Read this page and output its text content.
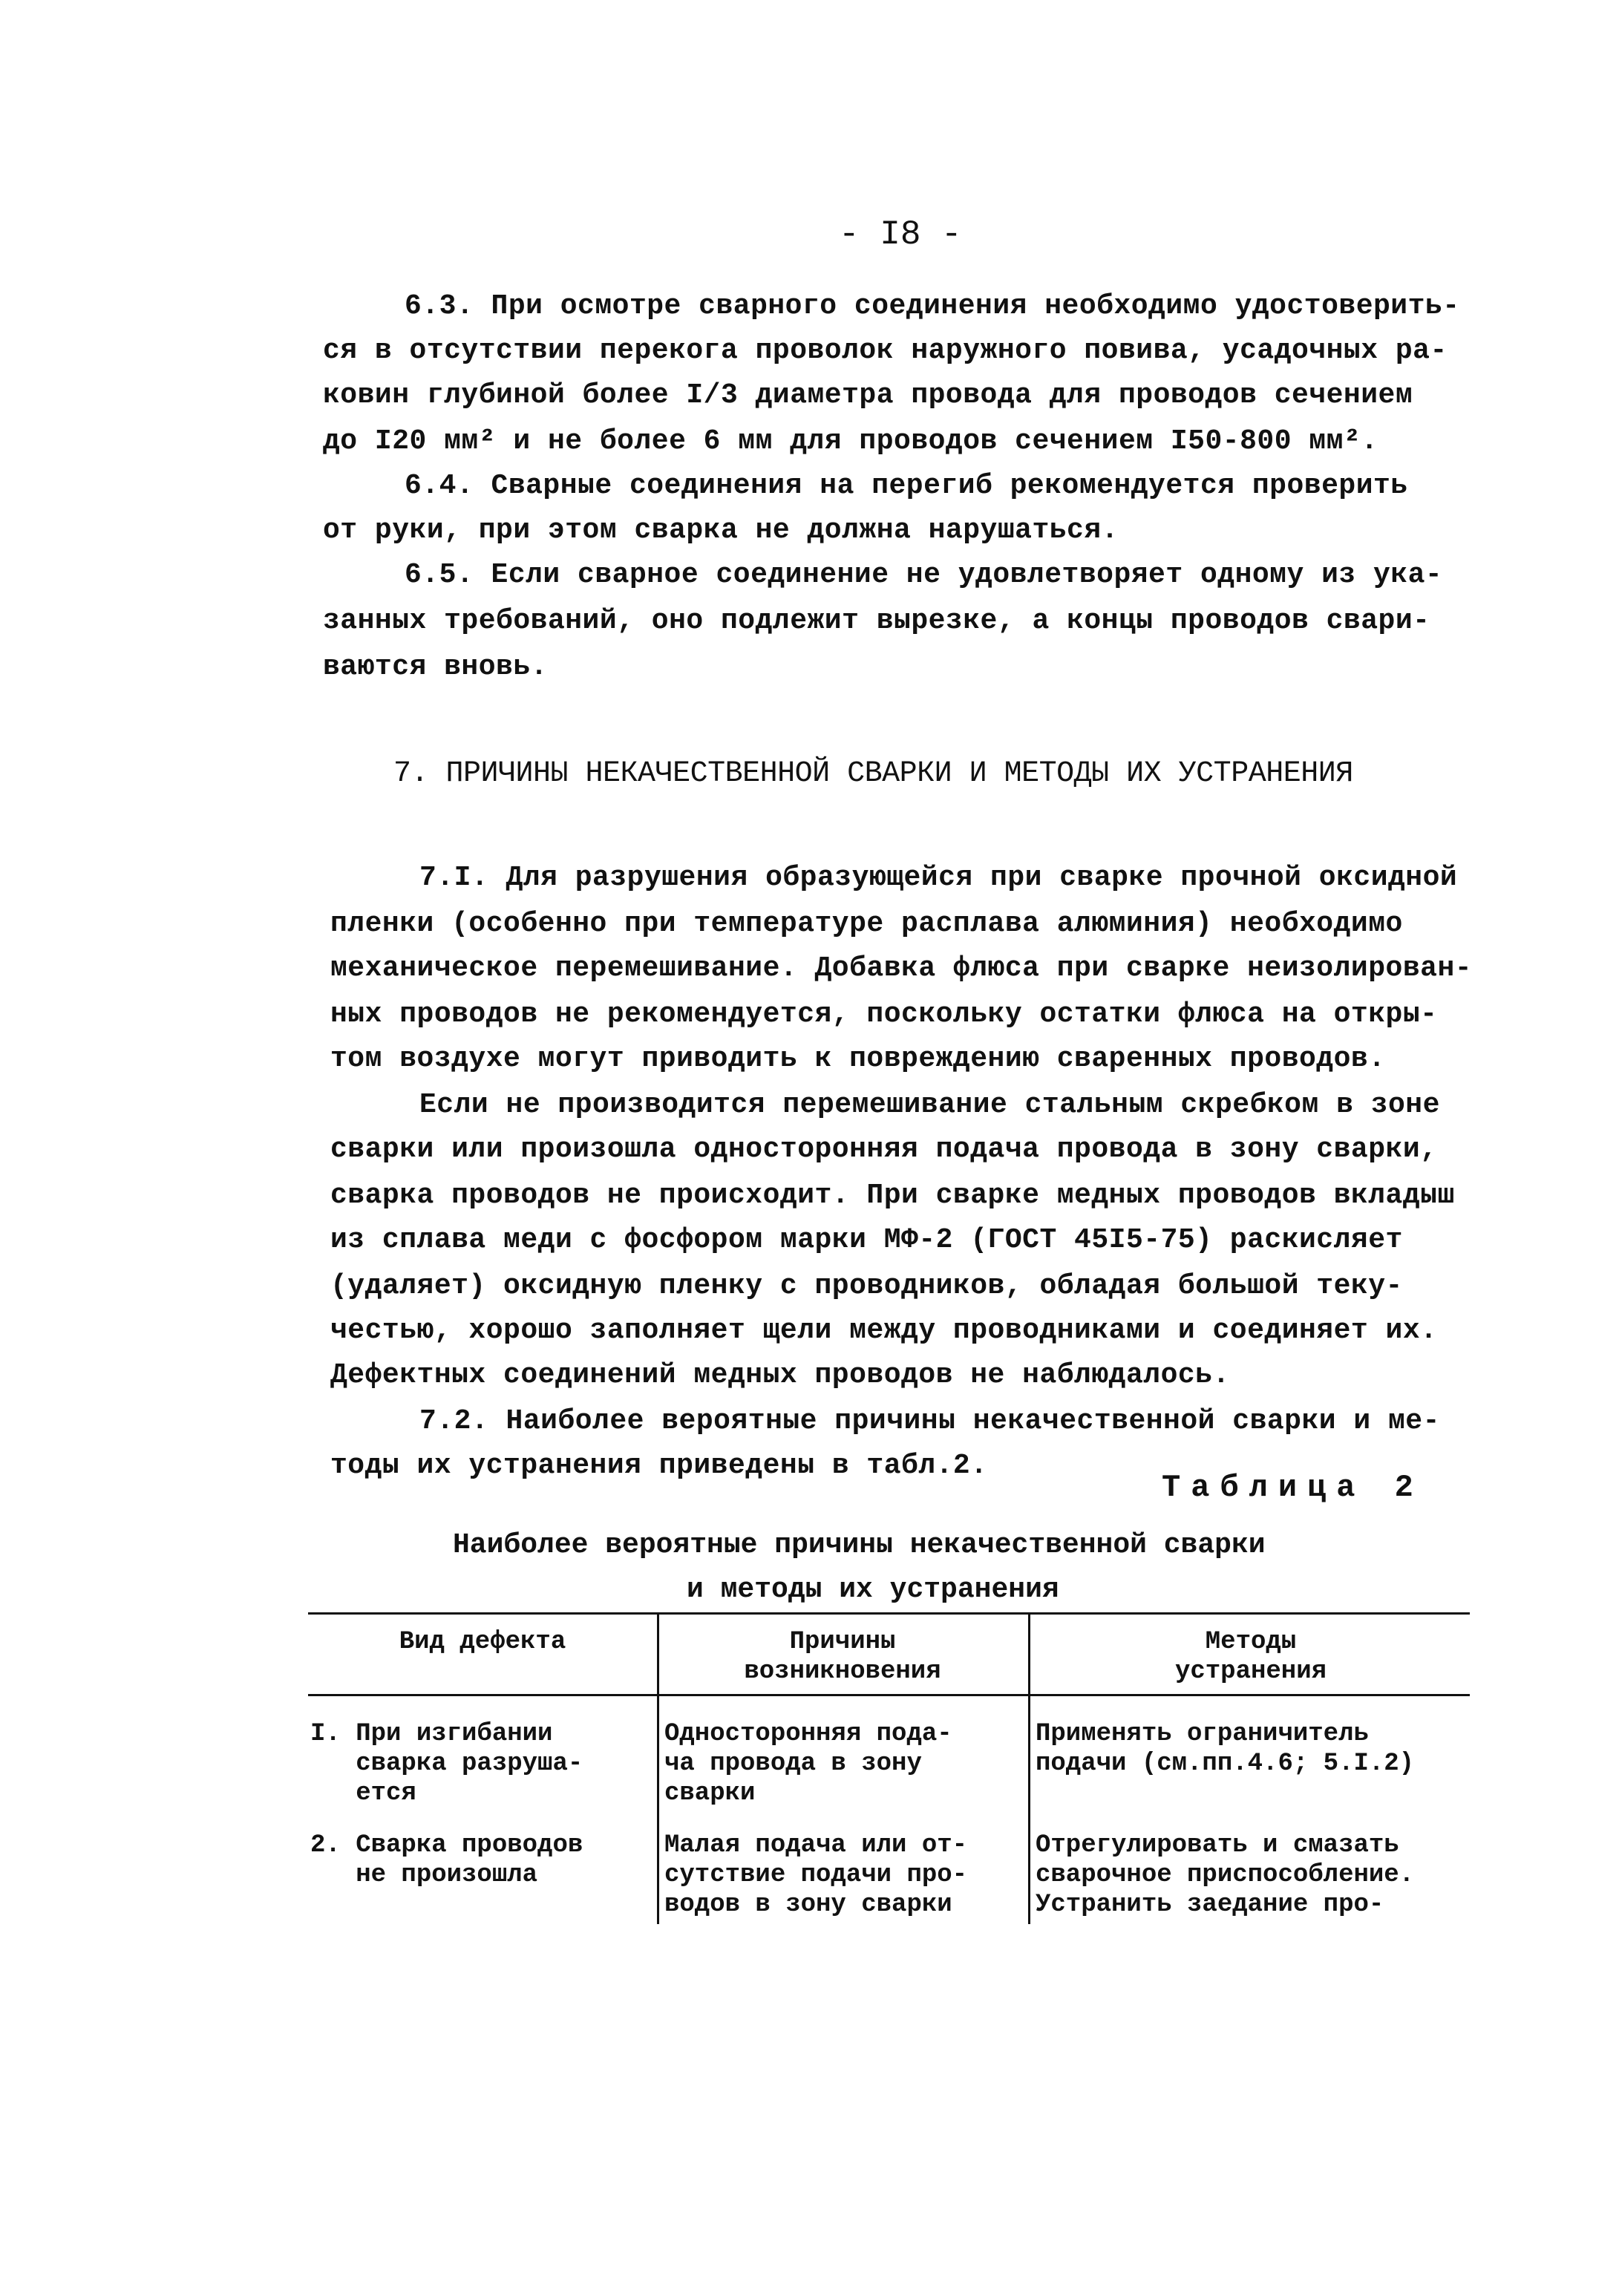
- I8 -
6.3. При осмотре сварного соединения необходимо удостоверить-
ся в отсутствии перекога проволок наружного повива, усадочных ра-
ковин глубиной более I/3 диаметра провода для проводов сечением
до I20 мм² и не более 6 мм для проводов сечением I50-800 мм².
6.4. Сварные соединения на перегиб рекомендуется проверить
от руки, при этом сварка не должна нарушаться.
6.5. Если сварное соединение не удовлетворяет одному из ука-
занных требований, оно подлежит вырезке, а концы проводов свари-
ваются вновь.
7. ПРИЧИНЫ НЕКАЧЕСТВЕННОЙ СВАРКИ И МЕТОДЫ ИХ УСТРАНЕНИЯ
7.I. Для разрушения образующейся при сварке прочной оксидной
пленки (особенно при температуре расплава алюминия) необходимо
механическое перемешивание. Добавка флюса при сварке неизолирован-
ных проводов не рекомендуется, поскольку остатки флюса на откры-
том воздухе могут приводить к повреждению сваренных проводов.
Если не производится перемешивание стальным скребком в зоне
сварки или произошла односторонняя подача провода в зону сварки,
сварка проводов не происходит. При сварке медных проводов вкладыш
из сплава меди с фосфором марки МФ-2 (ГОСТ 45I5-75) раскисляет
(удаляет) оксидную пленку с проводников, обладая большой теку-
честью, хорошо заполняет щели между проводниками и соединяет их.
Дефектных соединений медных проводов не наблюдалось.
7.2. Наиболее вероятные причины некачественной сварки и ме-
тоды их устранения приведены в табл.2.
Таблица 2
Наиболее вероятные причины некачественной сварки
и методы их устранения
Вид дефекта	Причины
возникновения
Методы
устранения
I. При изгибании
сварка разруша-
ется
Односторонняя пода-
ча провода в зону
сварки
Применять ограничитель
подачи (см.пп.4.6; 5.I.2)
2. Сварка проводов
не произошла
Малая подача или от-
сутствие подачи про-
водов в зону сварки
Отрегулировать и смазать
сварочное приспособление.
Устранить заедание про-
